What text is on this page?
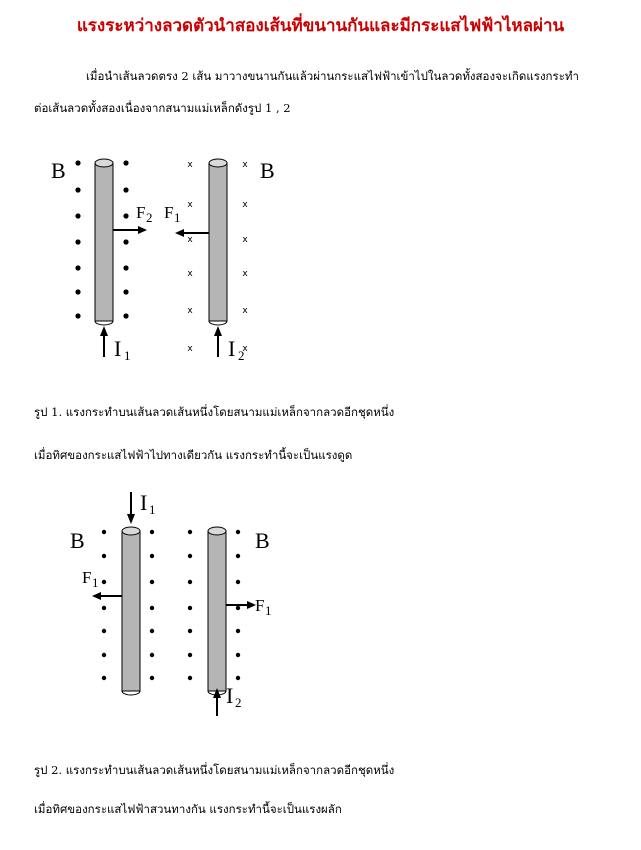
แรงระหว่างลวดตัวนำสองเส้นที่ขนานกันและมีกระแสไฟฟ้าไหลผ่าน
เมื่อนำเส้นลวดตรง 2 เส้น มาวางขนานกันแล้วผ่านกระแสไฟฟ้าเข้าไปในลวดทั้งสองจะเกิดแรงกระทำ
ต่อเส้นลวดทั้งสองเนื่องจากสนามแม่เหล็กดังรูป 1 , 2
x
x
x
x
x
x
x
x
x
x
x
x
B	B
F 2 F 1
I 1	I 2
รูป 1. แรงกระทำบนเส้นลวดเส้นหนึ่งโดยสนามแม่เหล็กจากลวดอีกชุดหนึ่ง
เมื่อทิศของกระแสไฟฟ้าไปทางเดียวกัน แรงกระทำนี้จะเป็นแรงดูด
B	B
F 1
F 1
I 1
I 2
รูป 2. แรงกระทำบนเส้นลวดเส้นหนึ่งโดยสนามแม่เหล็กจากลวดอีกชุดหนึ่ง
เมื่อทิศของกระแสไฟฟ้าสวนทางกัน แรงกระทำนี้จะเป็นแรงผลัก
